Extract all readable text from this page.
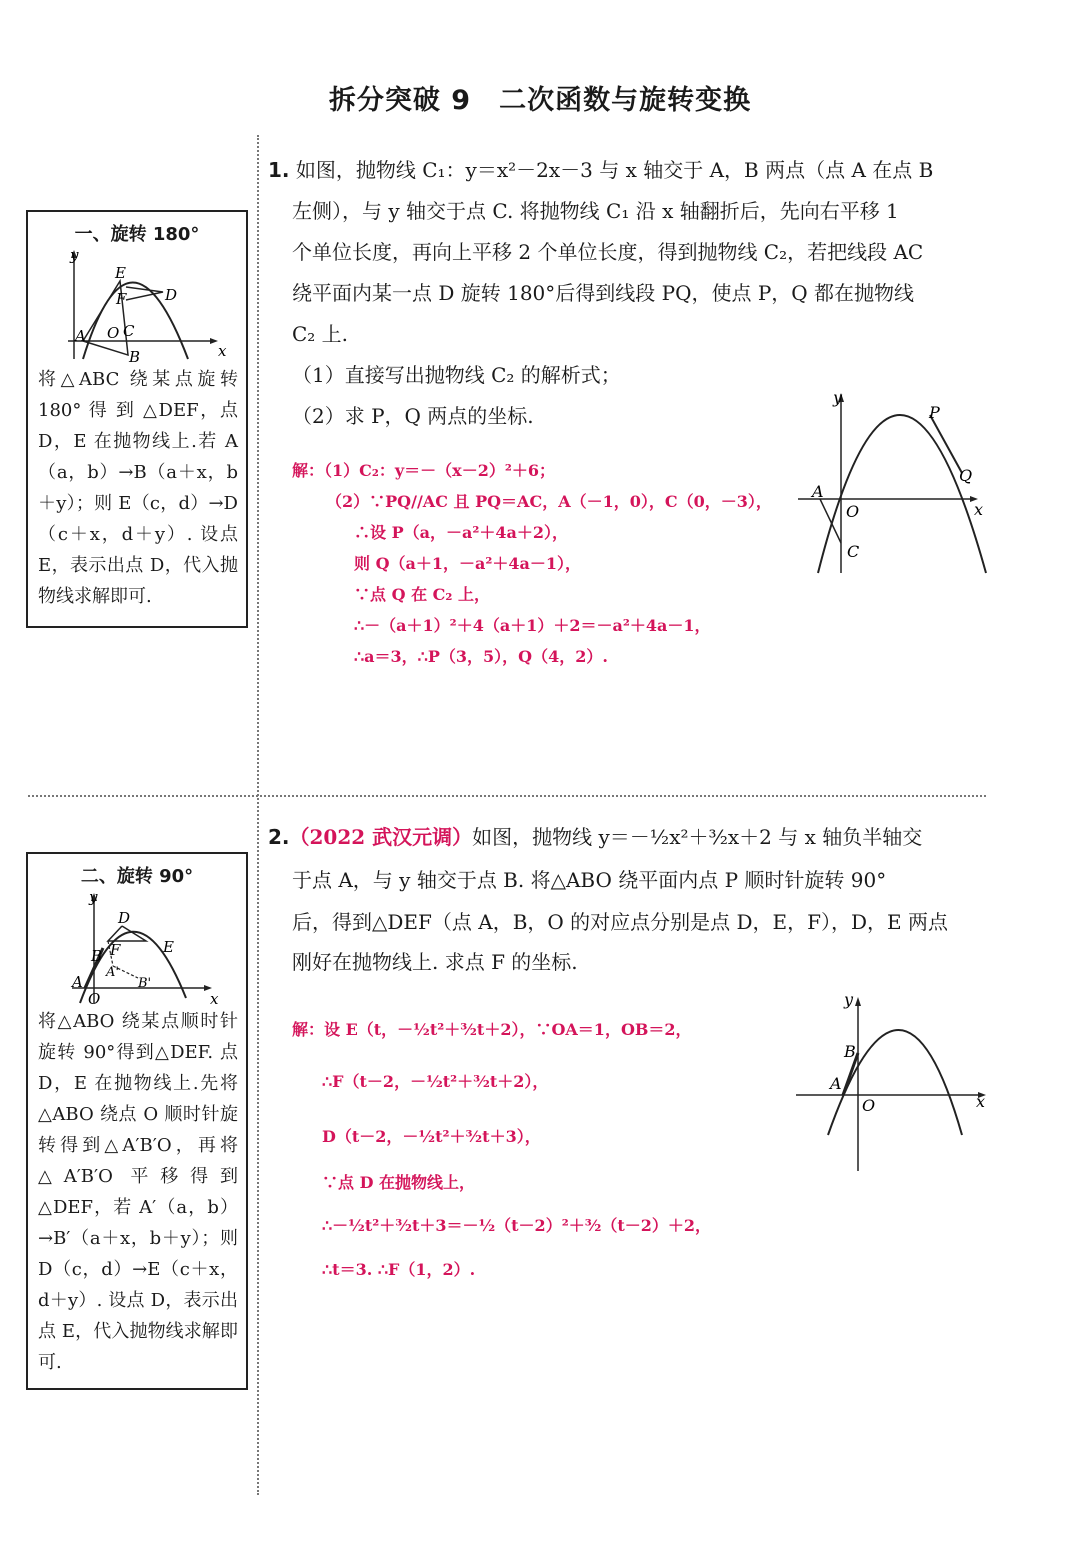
拆分突破 9　二次函数与旋转变换
一、旋转 180°
y
x
E
F	D
A O C
B
将△ABC 绕某点旋转180° 得 到 △DEF，点D，E 在抛物线上.若 A（a，b）→B（a＋x，b＋y）；则 E（c，d）→D（c＋x，d＋y）. 设点E，表示出点 D，代入抛物线求解即可.
二、旋转 90°
y
x
D
E
B F
A'
B'
A
O
将△ABO 绕某点顺时针旋转 90°得到△DEF. 点D，E 在抛物线上.先将△ABO 绕点 O 顺时针旋转得到△A′B′O，再将△A′B′O 平移得到△DEF，若 A′（a，b）→B′（a＋x，b＋y）；则 D（c，d）→E（c＋x，d＋y）. 设点 D，表示出点 E，代入抛物线求解即可.
1. 如图，抛物线 C₁：y＝x²－2x－3 与 x 轴交于 A，B 两点（点 A 在点 B
左侧），与 y 轴交于点 C. 将抛物线 C₁ 沿 x 轴翻折后，先向右平移 1
个单位长度，再向上平移 2 个单位长度，得到抛物线 C₂，若把线段 AC
绕平面内某一点 D 旋转 180°后得到线段 PQ，使点 P，Q 都在抛物线
C₂ 上.
（1）直接写出抛物线 C₂ 的解析式；
（2）求 P，Q 两点的坐标.
解：（1）C₂：y＝－（x－2）²＋6；
（2）∵PQ//AC 且 PQ＝AC，A（－1，0），C（0，－3），
∴设 P（a，－a²＋4a＋2），
则 Q（a＋1，－a²＋4a－1），
∵点 Q 在 C₂ 上，
∴－（a＋1）²＋4（a＋1）＋2＝－a²＋4a－1，
∴a＝3，∴P（3，5），Q（4，2）.
y
x
P
Q
A
O
C
2.（2022 武汉元调）如图，抛物线 y＝－½x²＋³⁄₂x＋2 与 x 轴负半轴交
于点 A，与 y 轴交于点 B. 将△ABO 绕平面内点 P 顺时针旋转 90°
后，得到△DEF（点 A，B，O 的对应点分别是点 D，E，F），D，E 两点
刚好在抛物线上. 求点 F 的坐标.
解：设 E（t，－½t²＋³⁄₂t＋2），∵OA＝1，OB＝2，
∴F（t－2，－½t²＋³⁄₂t＋2），
D（t－2，－½t²＋³⁄₂t＋3），
∵点 D 在抛物线上，
∴－½t²＋³⁄₂t＋3＝－½（t－2）²＋³⁄₂（t－2）＋2，
∴t＝3. ∴F（1，2）.
y
x
B
A
O
